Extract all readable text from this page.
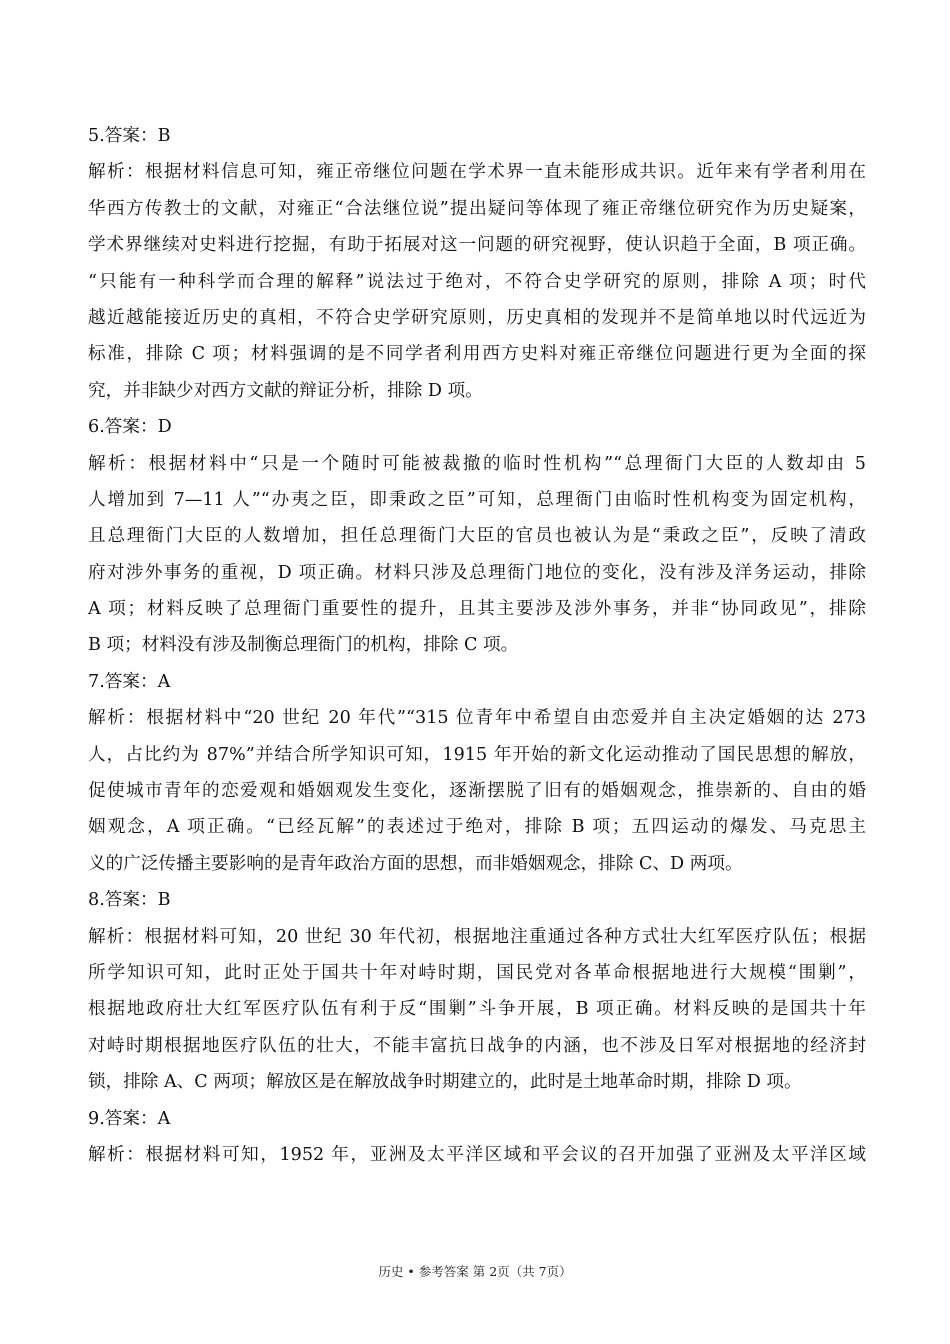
5.答案：B
解析：根据材料信息可知，雍正帝继位问题在学术界一直未能形成共识。近年来有学者利用在
华西方传教士的文献，对雍正“合法继位说”提出疑问等体现了雍正帝继位研究作为历史疑案，
学术界继续对史料进行挖掘，有助于拓展对这一问题的研究视野，使认识趋于全面，B 项正确。
“只能有一种科学而合理的解释”说法过于绝对，不符合史学研究的原则，排除 A 项；时代
越近越能接近历史的真相，不符合史学研究原则，历史真相的发现并不是简单地以时代远近为
标准，排除 C 项；材料强调的是不同学者利用西方史料对雍正帝继位问题进行更为全面的探
究，并非缺少对西方文献的辩证分析，排除 D 项。
6.答案：D
解析：根据材料中“只是一个随时可能被裁撤的临时性机构”“总理衙门大臣的人数却由 5
人增加到 7—11 人”“办夷之臣，即秉政之臣”可知，总理衙门由临时性机构变为固定机构，
且总理衙门大臣的人数增加，担任总理衙门大臣的官员也被认为是“秉政之臣”，反映了清政
府对涉外事务的重视，D 项正确。材料只涉及总理衙门地位的变化，没有涉及洋务运动，排除
A 项；材料反映了总理衙门重要性的提升，且其主要涉及涉外事务，并非“协同政见”，排除
B 项；材料没有涉及制衡总理衙门的机构，排除 C 项。
7.答案：A
解析：根据材料中“20 世纪 20 年代”“315 位青年中希望自由恋爱并自主决定婚姻的达 273
人，占比约为 87%”并结合所学知识可知，1915 年开始的新文化运动推动了国民思想的解放，
促使城市青年的恋爱观和婚姻观发生变化，逐渐摆脱了旧有的婚姻观念，推崇新的、自由的婚
姻观念，A 项正确。“已经瓦解”的表述过于绝对，排除 B 项；五四运动的爆发、马克思主
义的广泛传播主要影响的是青年政治方面的思想，而非婚姻观念，排除 C、D 两项。
8.答案：B
解析：根据材料可知，20 世纪 30 年代初，根据地注重通过各种方式壮大红军医疗队伍；根据
所学知识可知，此时正处于国共十年对峙时期，国民党对各革命根据地进行大规模“围剿”，
根据地政府壮大红军医疗队伍有利于反“围剿”斗争开展，B 项正确。材料反映的是国共十年
对峙时期根据地医疗队伍的壮大，不能丰富抗日战争的内涵，也不涉及日军对根据地的经济封
锁，排除 A、C 两项；解放区是在解放战争时期建立的，此时是土地革命时期，排除 D 项。
9.答案：A
解析：根据材料可知，1952 年，亚洲及太平洋区域和平会议的召开加强了亚洲及太平洋区域
历史 • 参考答案 第 2页（共 7页）
